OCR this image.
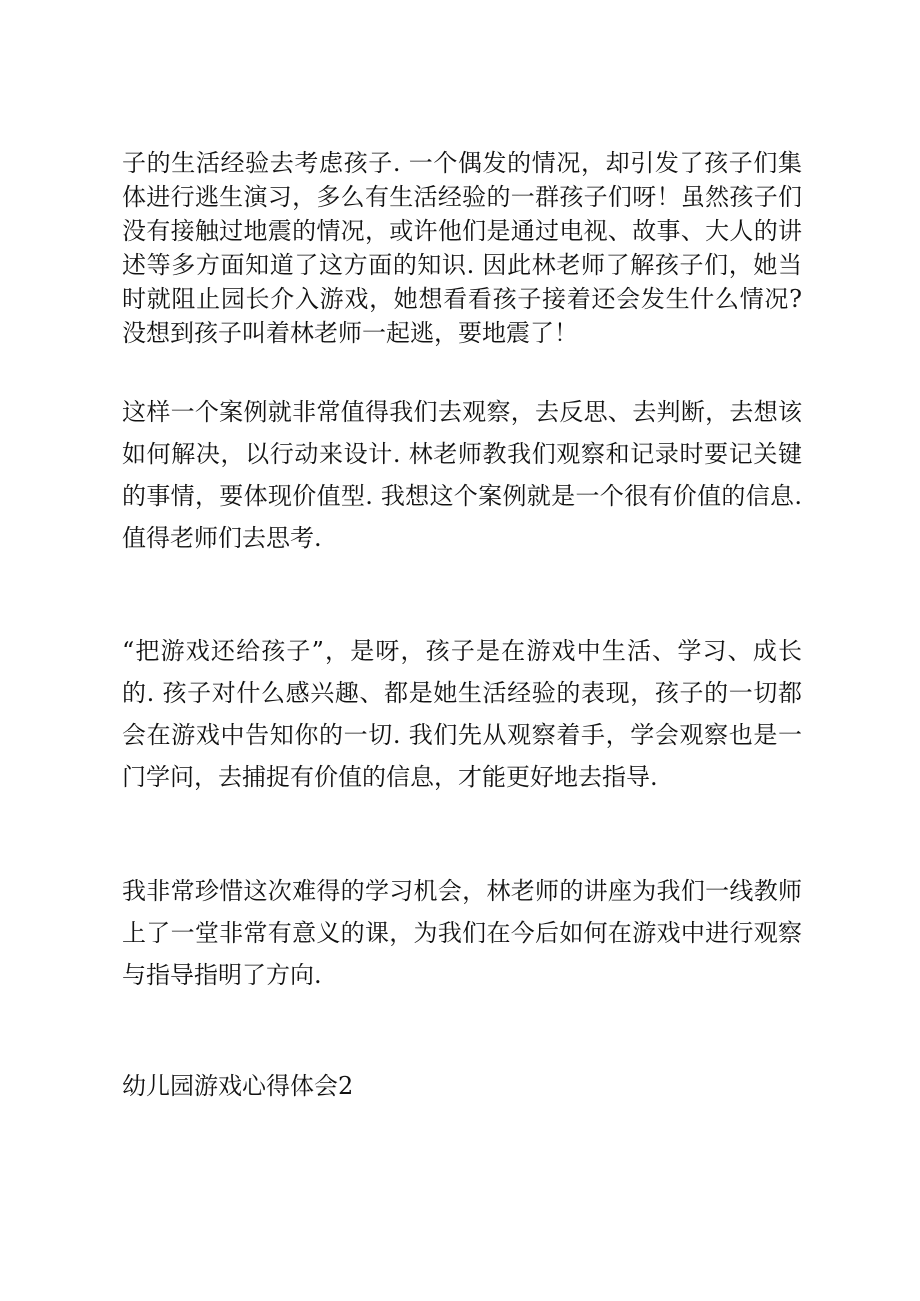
子的生活经验去考虑孩子. 一个偶发的情况，却引发了孩子们集体进行逃生演习，多么有生活经验的一群孩子们呀！虽然孩子们没有接触过地震的情况，或许他们是通过电视、故事、大人的讲述等多方面知道了这方面的知识. 因此林老师了解孩子们，她当时就阻止园长介入游戏，她想看看孩子接着还会发生什么情况?没想到孩子叫着林老师一起逃，要地震了！

这样一个案例就非常值得我们去观察，去反思、去判断，去想该如何解决，以行动来设计. 林老师教我们观察和记录时要记关键的事情，要体现价值型. 我想这个案例就是一个很有价值的信息. 值得老师们去思考.

“把游戏还给孩子”，是呀，孩子是在游戏中生活、学习、成长的. 孩子对什么感兴趣、都是她生活经验的表现，孩子的一切都会在游戏中告知你的一切. 我们先从观察着手，学会观察也是一门学问，去捕捉有价值的信息，才能更好地去指导.

我非常珍惜这次难得的学习机会，林老师的讲座为我们一线教师上了一堂非常有意义的课，为我们在今后如何在游戏中进行观察与指导指明了方向.

幼儿园游戏心得体会2
